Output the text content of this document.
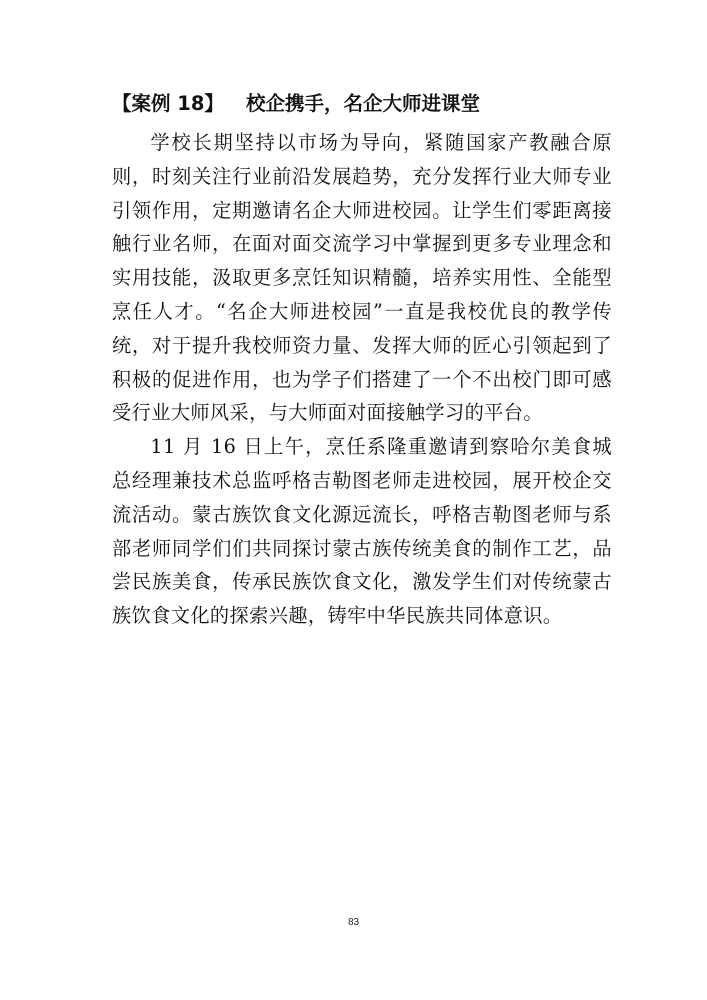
【案例 18】 校企携手，名企大师进课堂

学校长期坚持以市场为导向，紧随国家产教融合原则，时刻关注行业前沿发展趋势，充分发挥行业大师专业引领作用，定期邀请名企大师进校园。让学生们零距离接触行业名师，在面对面交流学习中掌握到更多专业理念和实用技能，汲取更多烹饪知识精髓，培养实用性、全能型烹任人才。“名企大师进校园”一直是我校优良的教学传统，对于提升我校师资力量、发挥大师的匠心引领起到了积极的促进作用，也为学子们搭建了一个不出校门即可感受行业大师风采，与大师面对面接触学习的平台。

11 月 16 日上午，烹任系隆重邀请到察哈尔美食城总经理兼技术总监呼格吉勒图老师走进校园，展开校企交流活动。蒙古族饮食文化源远流长，呼格吉勒图老师与系部老师同学们们共同探讨蒙古族传统美食的制作工艺，品尝民族美食，传承民族饮食文化，激发学生们对传统蒙古族饮食文化的探索兴趣，铸牢中华民族共同体意识。

83
